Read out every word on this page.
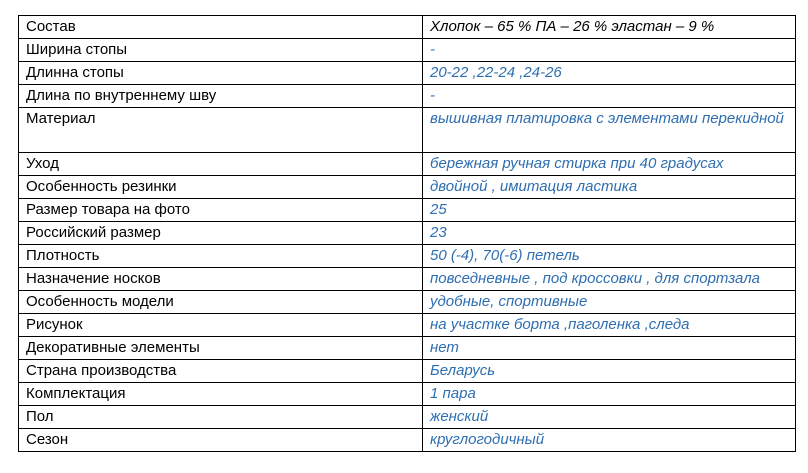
Состав	Хлопок – 65 % ПА – 26 % эластан – 9 %
Ширина стопы	-
Длинна стопы	20-22 ,22-24 ,24-26
Длина по внутреннему шву	-
Материал	вышивная платировка с элементами перекидной
Уход	бережная ручная стирка при 40 градусах
Особенность резинки	двойной , имитация ластика
Размер товара на фото	25
Российский размер	23
Плотность	50 (-4), 70(-6) петель
Назначение носков	повседневные , под кроссовки , для спортзала
Особенность модели	удобные, спортивные
Рисунок	на участке борта ,паголенка ,следа
Декоративные элементы	нет
Страна производства	Беларусь
Комплектация	1 пара
Пол	женский
Сезон	круглогодичный
